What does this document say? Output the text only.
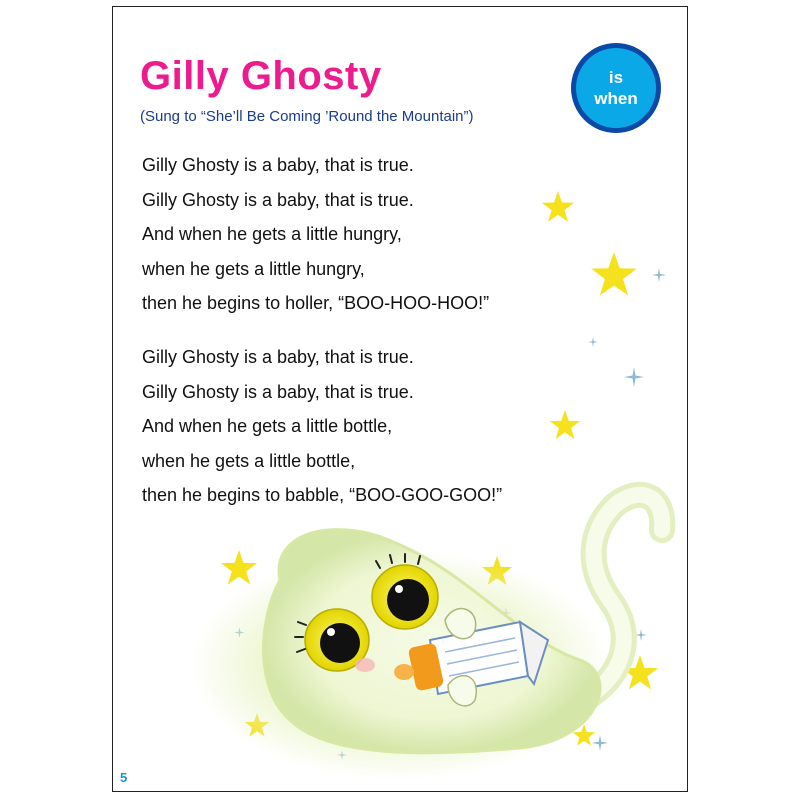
Gilly Ghosty
(Sung to “She’ll Be Coming ’Round the Mountain”)
is
when
Gilly Ghosty is a baby, that is true.
Gilly Ghosty is a baby, that is true.
And when he gets a little hungry,
when he gets a little hungry,
then he begins to holler, “BOO-HOO-HOO!”
Gilly Ghosty is a baby, that is true.
Gilly Ghosty is a baby, that is true.
And when he gets a little bottle,
when he gets a little bottle,
then he begins to babble, “BOO-GOO-GOO!”
5
